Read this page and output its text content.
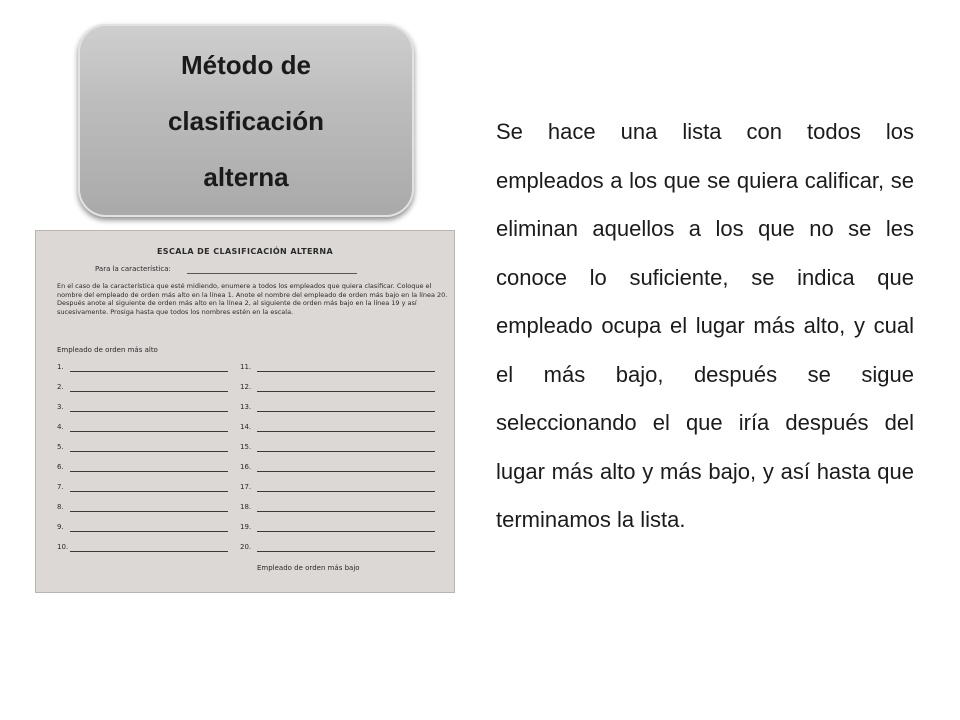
Método de
clasificación
alterna
ESCALA DE CLASIFICACIÓN ALTERNA
Para la característica:
En el caso de la característica que esté midiendo, enumere a todos los empleados que quiera clasificar. Coloque el nombre del empleado de orden más alto en la línea 1. Anote el nombre del empleado de orden más bajo en la línea 20. Después anote al siguiente de orden más alto en la línea 2, al siguiente de orden más bajo en la línea 19 y así sucesivamente. Prosiga hasta que todos los nombres estén en la escala.
Empleado de orden más alto
1.
2.
3.
4.
5.
6.
7.
8.
9.
10.
11.
12.
13.
14.
15.
16.
17.
18.
19.
20.
Empleado de orden más bajo
Se hace una lista con todos los empleados a los que se quiera calificar, se eliminan aquellos a los que no se les conoce lo suficiente, se indica que empleado ocupa el lugar más alto, y cual el más bajo, después se sigue seleccionando el que iría después del lugar más alto y más bajo, y así hasta que terminamos la lista.
